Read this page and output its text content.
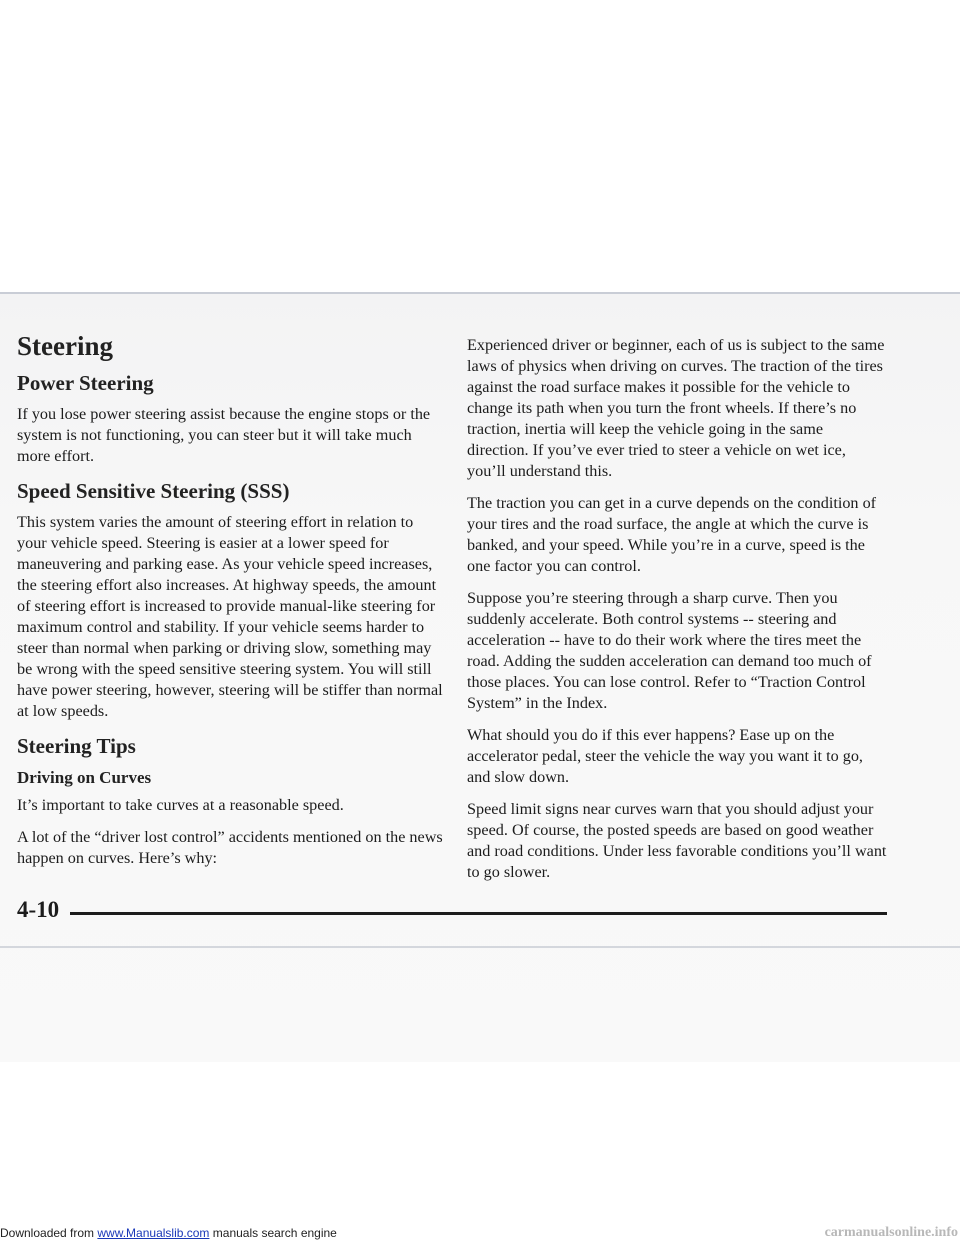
Steering
Power Steering

If you lose power steering assist because the engine stops or the system is not functioning, you can steer but it will take much more effort.

Speed Sensitive Steering (SSS)

This system varies the amount of steering effort in relation to your vehicle speed. Steering is easier at a lower speed for maneuvering and parking ease. As your vehicle speed increases, the steering effort also increases. At highway speeds, the amount of steering effort is increased to provide manual-like steering for maximum control and stability. If your vehicle seems harder to steer than normal when parking or driving slow, something may be wrong with the speed sensitive steering system. You will still have power steering, however, steering will be stiffer than normal at low speeds.

Steering Tips
Driving on Curves

It’s important to take curves at a reasonable speed.

A lot of the “driver lost control” accidents mentioned on the news happen on curves. Here’s why:

Experienced driver or beginner, each of us is subject to the same laws of physics when driving on curves. The traction of the tires against the road surface makes it possible for the vehicle to change its path when you turn the front wheels. If there’s no traction, inertia will keep the vehicle going in the same direction. If you’ve ever tried to steer a vehicle on wet ice, you’ll understand this.

The traction you can get in a curve depends on the condition of your tires and the road surface, the angle at which the curve is banked, and your speed. While you’re in a curve, speed is the one factor you can control.

Suppose you’re steering through a sharp curve. Then you suddenly accelerate. Both control systems -- steering and acceleration -- have to do their work where the tires meet the road. Adding the sudden acceleration can demand too much of those places. You can lose control. Refer to “Traction Control System” in the Index.

What should you do if this ever happens? Ease up on the accelerator pedal, steer the vehicle the way you want it to go, and slow down.

Speed limit signs near curves warn that you should adjust your speed. Of course, the posted speeds are based on good weather and road conditions. Under less favorable conditions you’ll want to go slower.

4-10
Downloaded from www.Manualslib.com manuals search engine	carmanualsonline.info
